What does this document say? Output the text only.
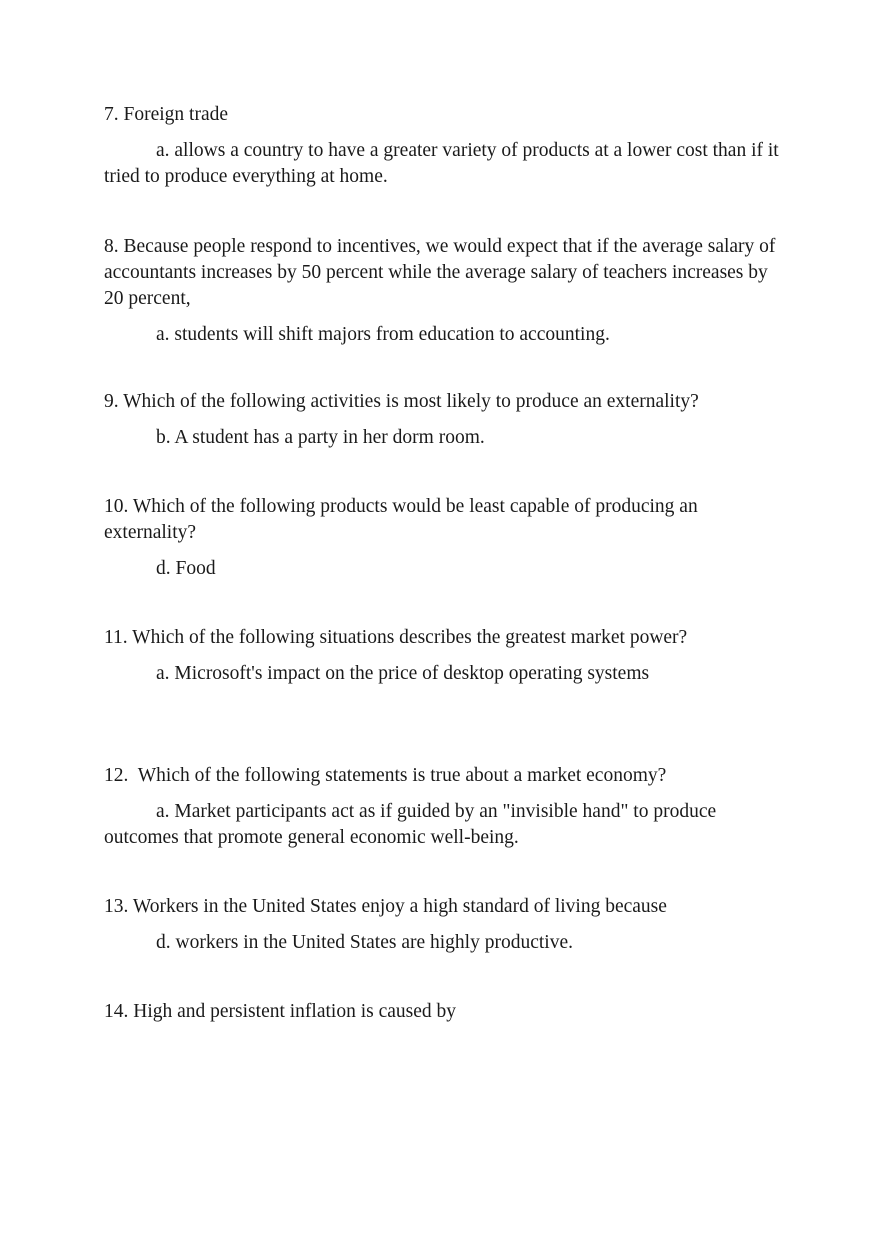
7. Foreign trade

a. allows a country to have a greater variety of products at a lower cost than if it tried to produce everything at home.

8. Because people respond to incentives, we would expect that if the average salary of accountants increases by 50 percent while the average salary of teachers increases by 20 percent,

a. students will shift majors from education to accounting.

9. Which of the following activities is most likely to produce an externality?

b. A student has a party in her dorm room.

10. Which of the following products would be least capable of producing an externality?

d. Food

11. Which of the following situations describes the greatest market power?

a. Microsoft's impact on the price of desktop operating systems

12.  Which of the following statements is true about a market economy?

a. Market participants act as if guided by an "invisible hand" to produce outcomes that promote general economic well-being.

13. Workers in the United States enjoy a high standard of living because

d. workers in the United States are highly productive.

14. High and persistent inflation is caused by
